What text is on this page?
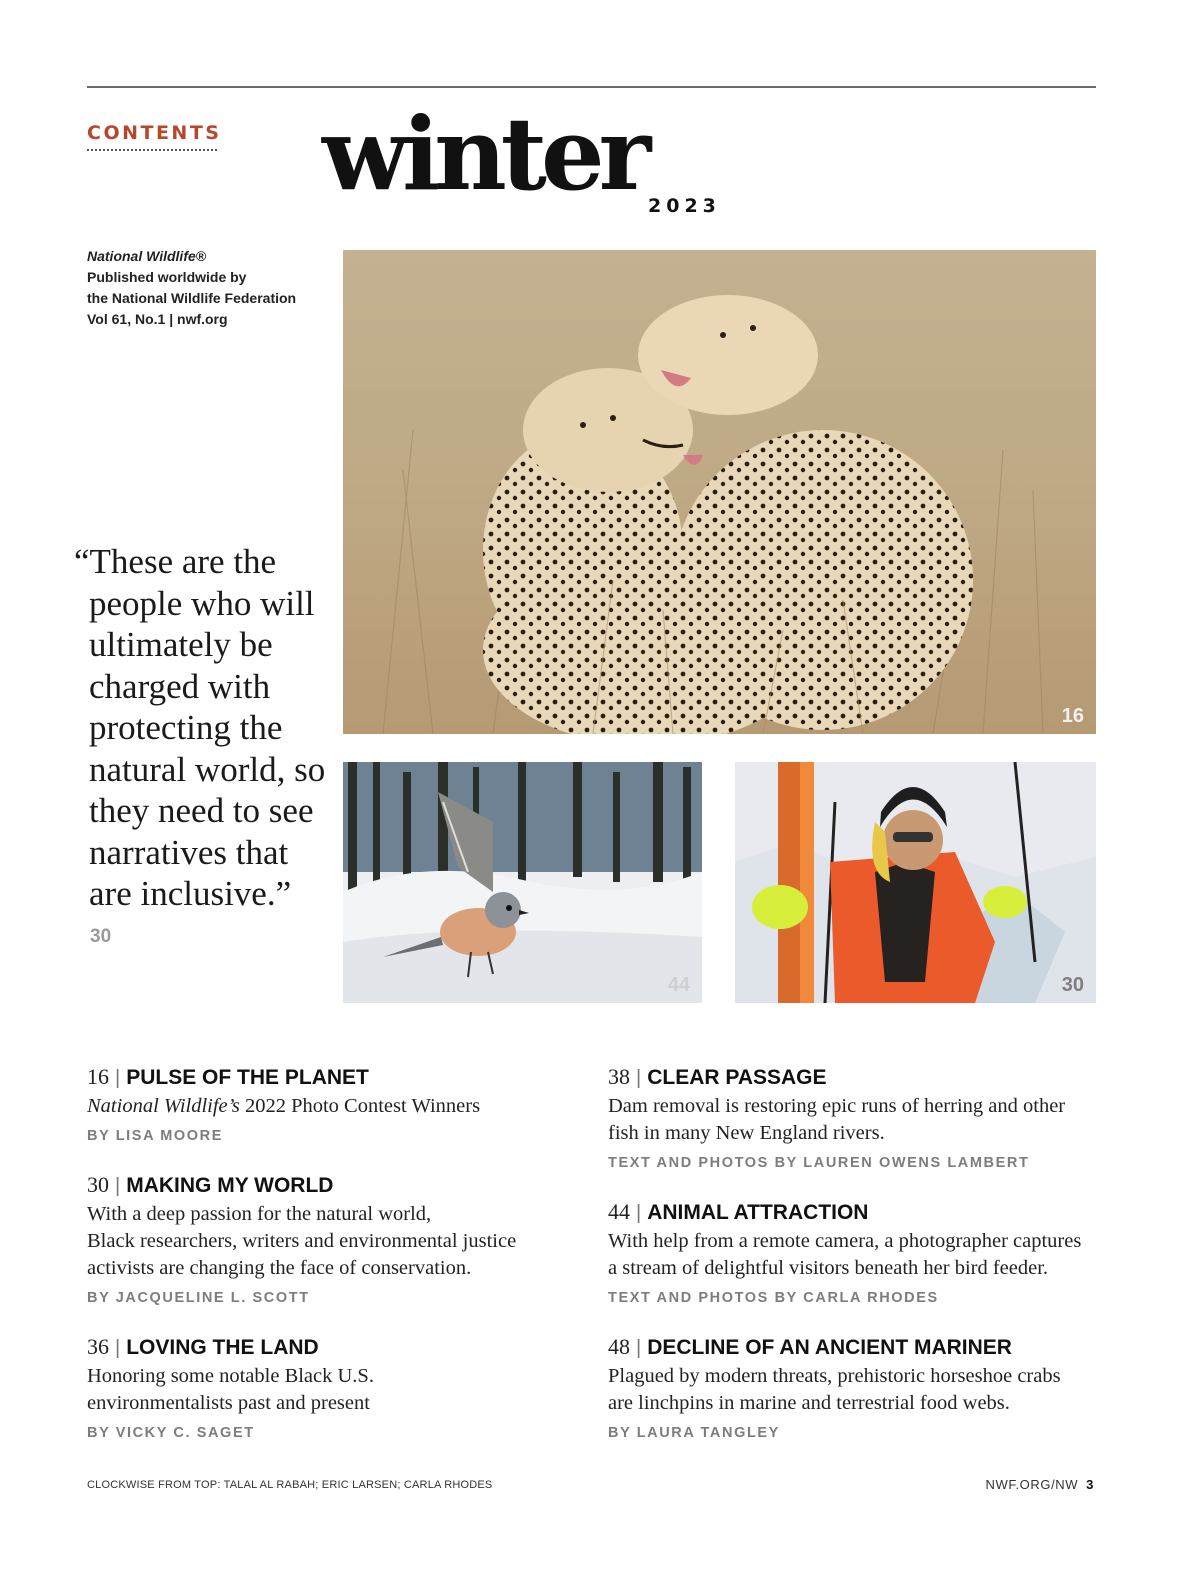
CONTENTS winter 2023
National Wildlife®
Published worldwide by
the National Wildlife Federation
Vol 61, No.1 | nwf.org
16
44	30
“These are the
people who will
ultimately be
charged with
protecting the
natural world, so
they need to see
narratives that
are inclusive.”
30
16 | PULSE OF THE PLANET
National Wildlife’s 2022 Photo Contest Winners
BY LISA MOORE
30 | MAKING MY WORLD
With a deep passion for the natural world,
Black researchers, writers and environmental justice
activists are changing the face of conservation.
BY JACQUELINE L. SCOTT
36 | LOVING THE LAND
Honoring some notable Black U.S.
environmentalists past and present
BY VICKY C. SAGET
38 | CLEAR PASSAGE
Dam removal is restoring epic runs of herring and other
fish in many New England rivers.
TEXT AND PHOTOS BY LAUREN OWENS LAMBERT
44 | ANIMAL ATTRACTION
With help from a remote camera, a photographer captures
a stream of delightful visitors beneath her bird feeder.
TEXT AND PHOTOS BY CARLA RHODES
48 | DECLINE OF AN ANCIENT MARINER
Plagued by modern threats, prehistoric horseshoe crabs
are linchpins in marine and terrestrial food webs.
BY LAURA TANGLEY
CLOCKWISE FROM TOP: TALAL AL RABAH; ERIC LARSEN; CARLA RHODES	NWF.ORG/NW 3
